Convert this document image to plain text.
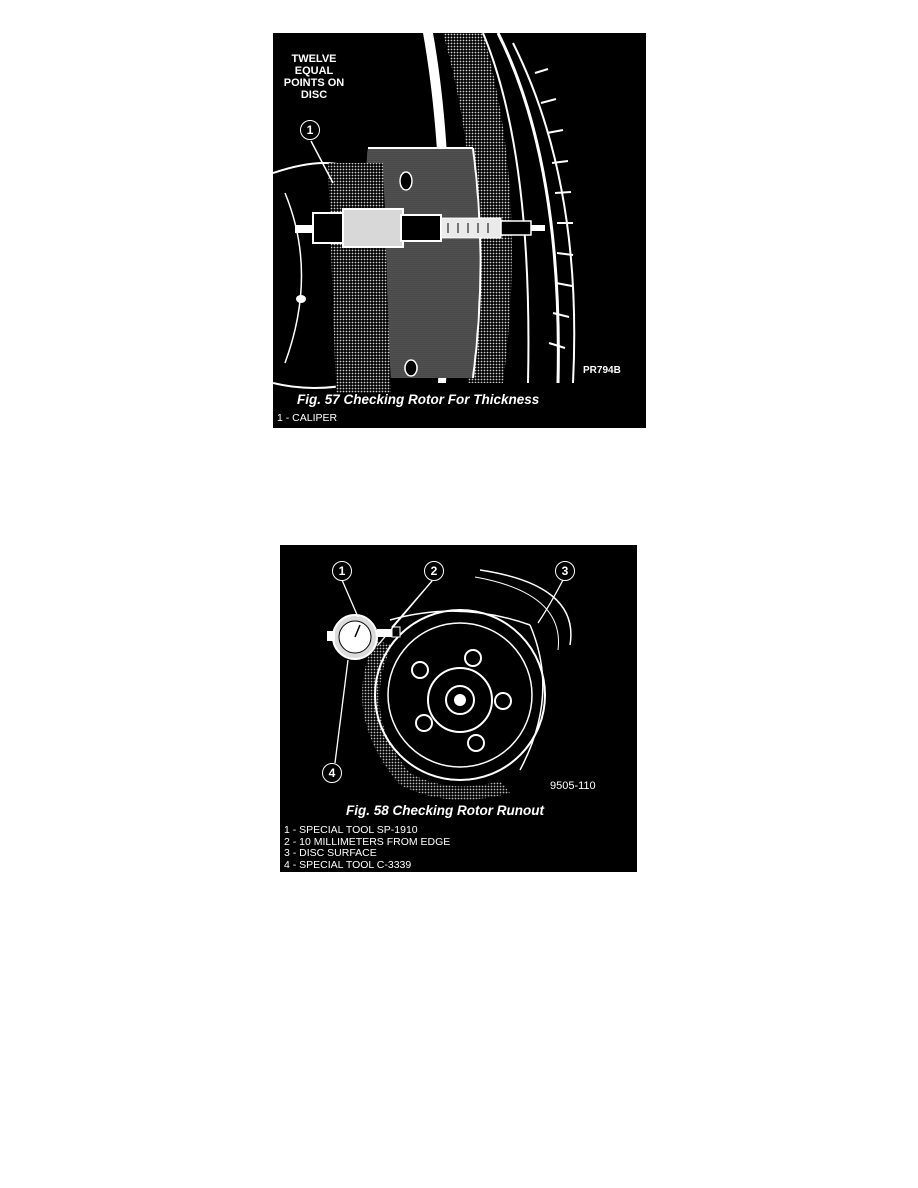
TWELVE
EQUAL
POINTS ON
DISC
1
PR794B
Fig. 57 Checking Rotor For Thickness
1 - CALIPER
1	2	3
4
9505-110
Fig. 58 Checking Rotor Runout
1 - SPECIAL TOOL SP-1910
2 - 10 MILLIMETERS FROM EDGE
3 - DISC SURFACE
4 - SPECIAL TOOL C-3339
